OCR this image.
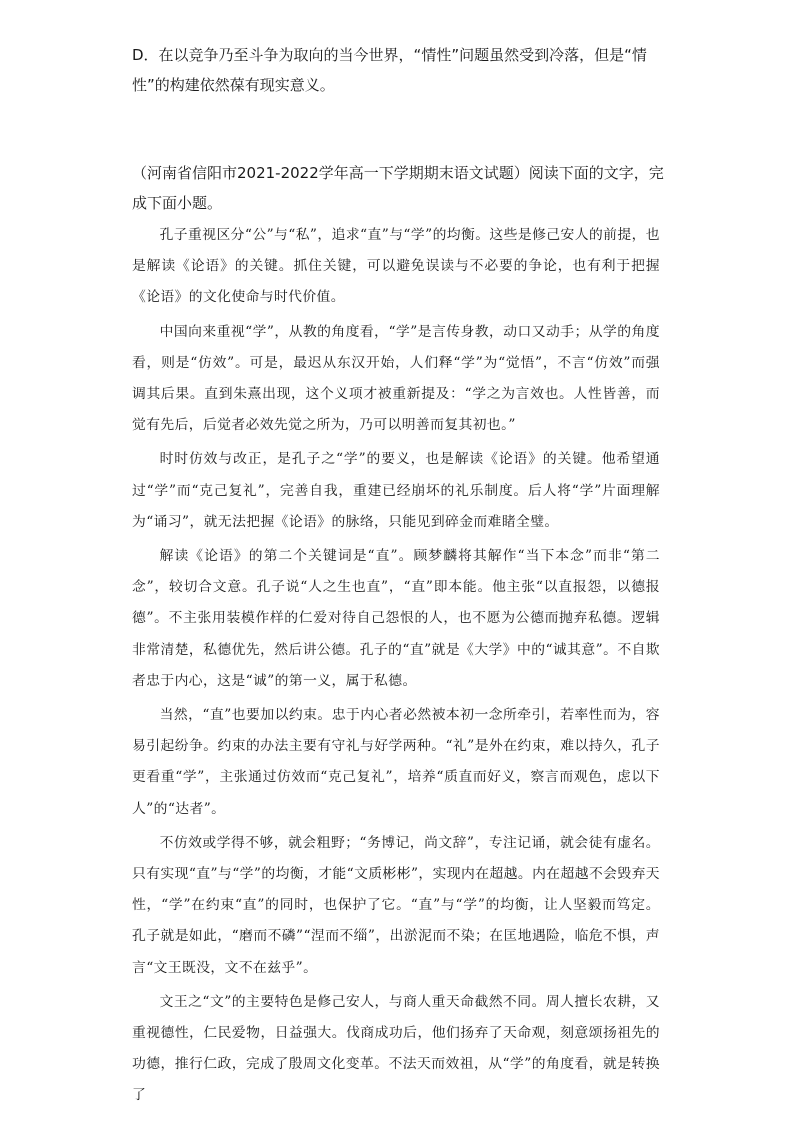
D．在以竞争乃至斗争为取向的当今世界，“情性”问题虽然受到冷落，但是“情性”的构建依然葆有现实意义。

（河南省信阳市2021-2022学年高一下学期期末语文试题）阅读下面的文字，完成下面小题。

孔子重视区分“公”与“私”，追求“直”与“学”的均衡。这些是修己安人的前提，也是解读《论语》的关键。抓住关键，可以避免误读与不必要的争论，也有利于把握《论语》的文化使命与时代价值。

中国向来重视“学”，从教的角度看，“学”是言传身教，动口又动手；从学的角度看，则是“仿效”。可是，最迟从东汉开始，人们释“学”为“觉悟”，不言“仿效”而强调其后果。直到朱熹出现，这个义项才被重新提及：“学之为言效也。人性皆善，而觉有先后，后觉者必效先觉之所为，乃可以明善而复其初也。”

时时仿效与改正，是孔子之“学”的要义，也是解读《论语》的关键。他希望通过“学”而“克己复礼”，完善自我，重建已经崩坏的礼乐制度。后人将“学”片面理解为“诵习”，就无法把握《论语》的脉络，只能见到碎金而难睹全璧。

解读《论语》的第二个关键词是“直”。顾梦麟将其解作“当下本念”而非“第二念”，较切合文意。孔子说“人之生也直”，“直”即本能。他主张“以直报怨，以德报德”。不主张用装模作样的仁爱对待自己怨恨的人，也不愿为公德而抛弃私德。逻辑非常清楚，私德优先，然后讲公德。孔子的“直”就是《大学》中的“诚其意”。不自欺者忠于内心，这是“诚”的第一义，属于私德。

当然，“直”也要加以约束。忠于内心者必然被本初一念所牵引，若率性而为，容易引起纷争。约束的办法主要有守礼与好学两种。“礼”是外在约束，难以持久，孔子更看重“学”，主张通过仿效而“克己复礼”，培养“质直而好义，察言而观色，虑以下人”的“达者”。

不仿效或学得不够，就会粗野；“务博记，尚文辞”，专注记诵，就会徒有虚名。只有实现“直”与“学”的均衡，才能“文质彬彬”，实现内在超越。内在超越不会毁弃天性，“学”在约束“直”的同时，也保护了它。“直”与“学”的均衡，让人坚毅而笃定。孔子就是如此，“磨而不磷”“涅而不缁”，出淤泥而不染；在匡地遇险，临危不惧，声言“文王既没，文不在兹乎”。

文王之“文”的主要特色是修己安人，与商人重天命截然不同。周人擅长农耕，又重视德性，仁民爱物，日益强大。伐商成功后，他们扬弃了天命观，刻意颂扬祖先的功德，推行仁政，完成了殷周文化变革。不法天而效祖，从“学”的角度看，就是转换了
